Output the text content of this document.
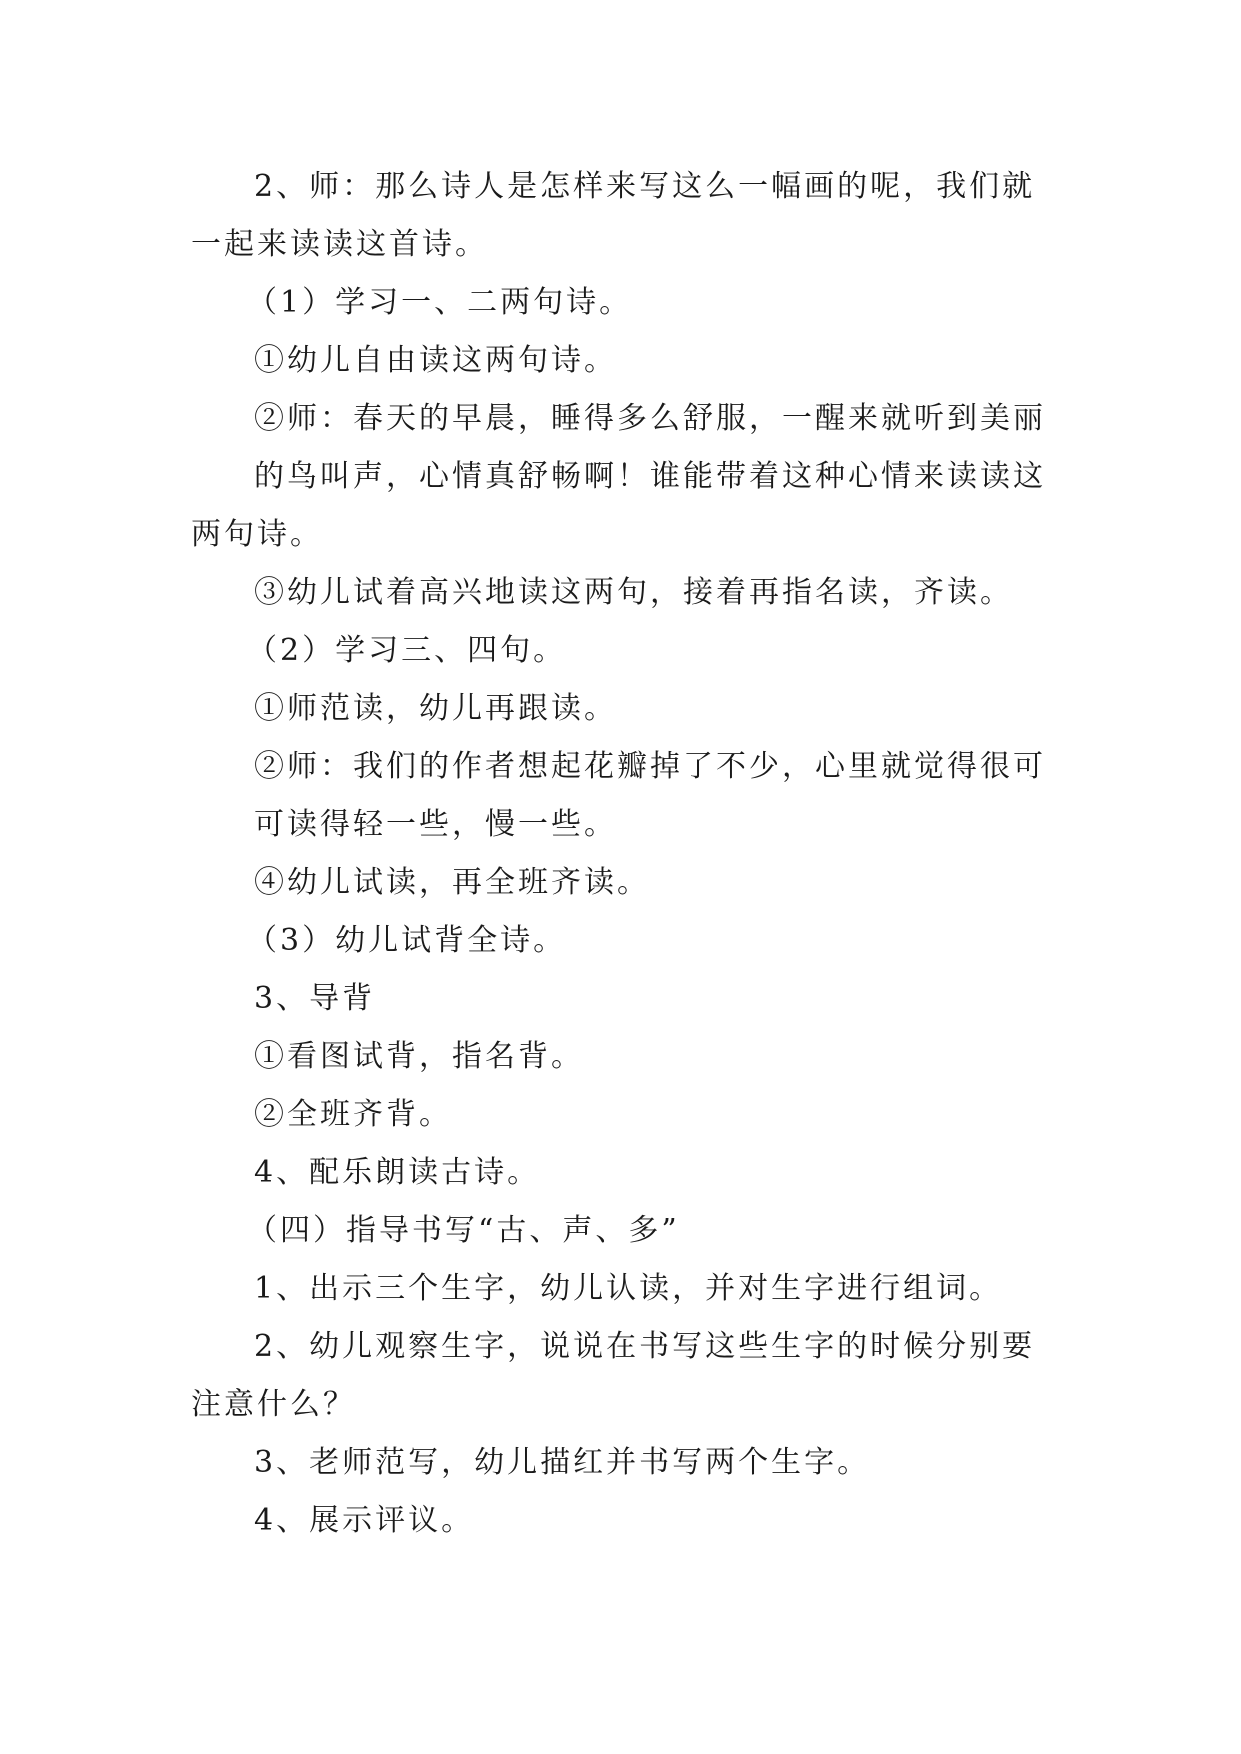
2、师：那么诗人是怎样来写这么一幅画的呢，我们就
一起来读读这首诗。
（1）学习一、二两句诗。
①幼儿自由读这两句诗。
②师：春天的早晨，睡得多么舒服，一醒来就听到美丽
的鸟叫声，心情真舒畅啊！谁能带着这种心情来读读这
两句诗。
③幼儿试着高兴地读这两句，接着再指名读，齐读。
（2）学习三、四句。
①师范读，幼儿再跟读。
②师：我们的作者想起花瓣掉了不少，心里就觉得很可
可读得轻一些，慢一些。
④幼儿试读，再全班齐读。
（3）幼儿试背全诗。
3、导背
①看图试背，指名背。
②全班齐背。
4、配乐朗读古诗。
（四）指导书写“古、声、多”
1、出示三个生字，幼儿认读，并对生字进行组词。
2、幼儿观察生字，说说在书写这些生字的时候分别要
注意什么？
3、老师范写，幼儿描红并书写两个生字。
4、展示评议。
